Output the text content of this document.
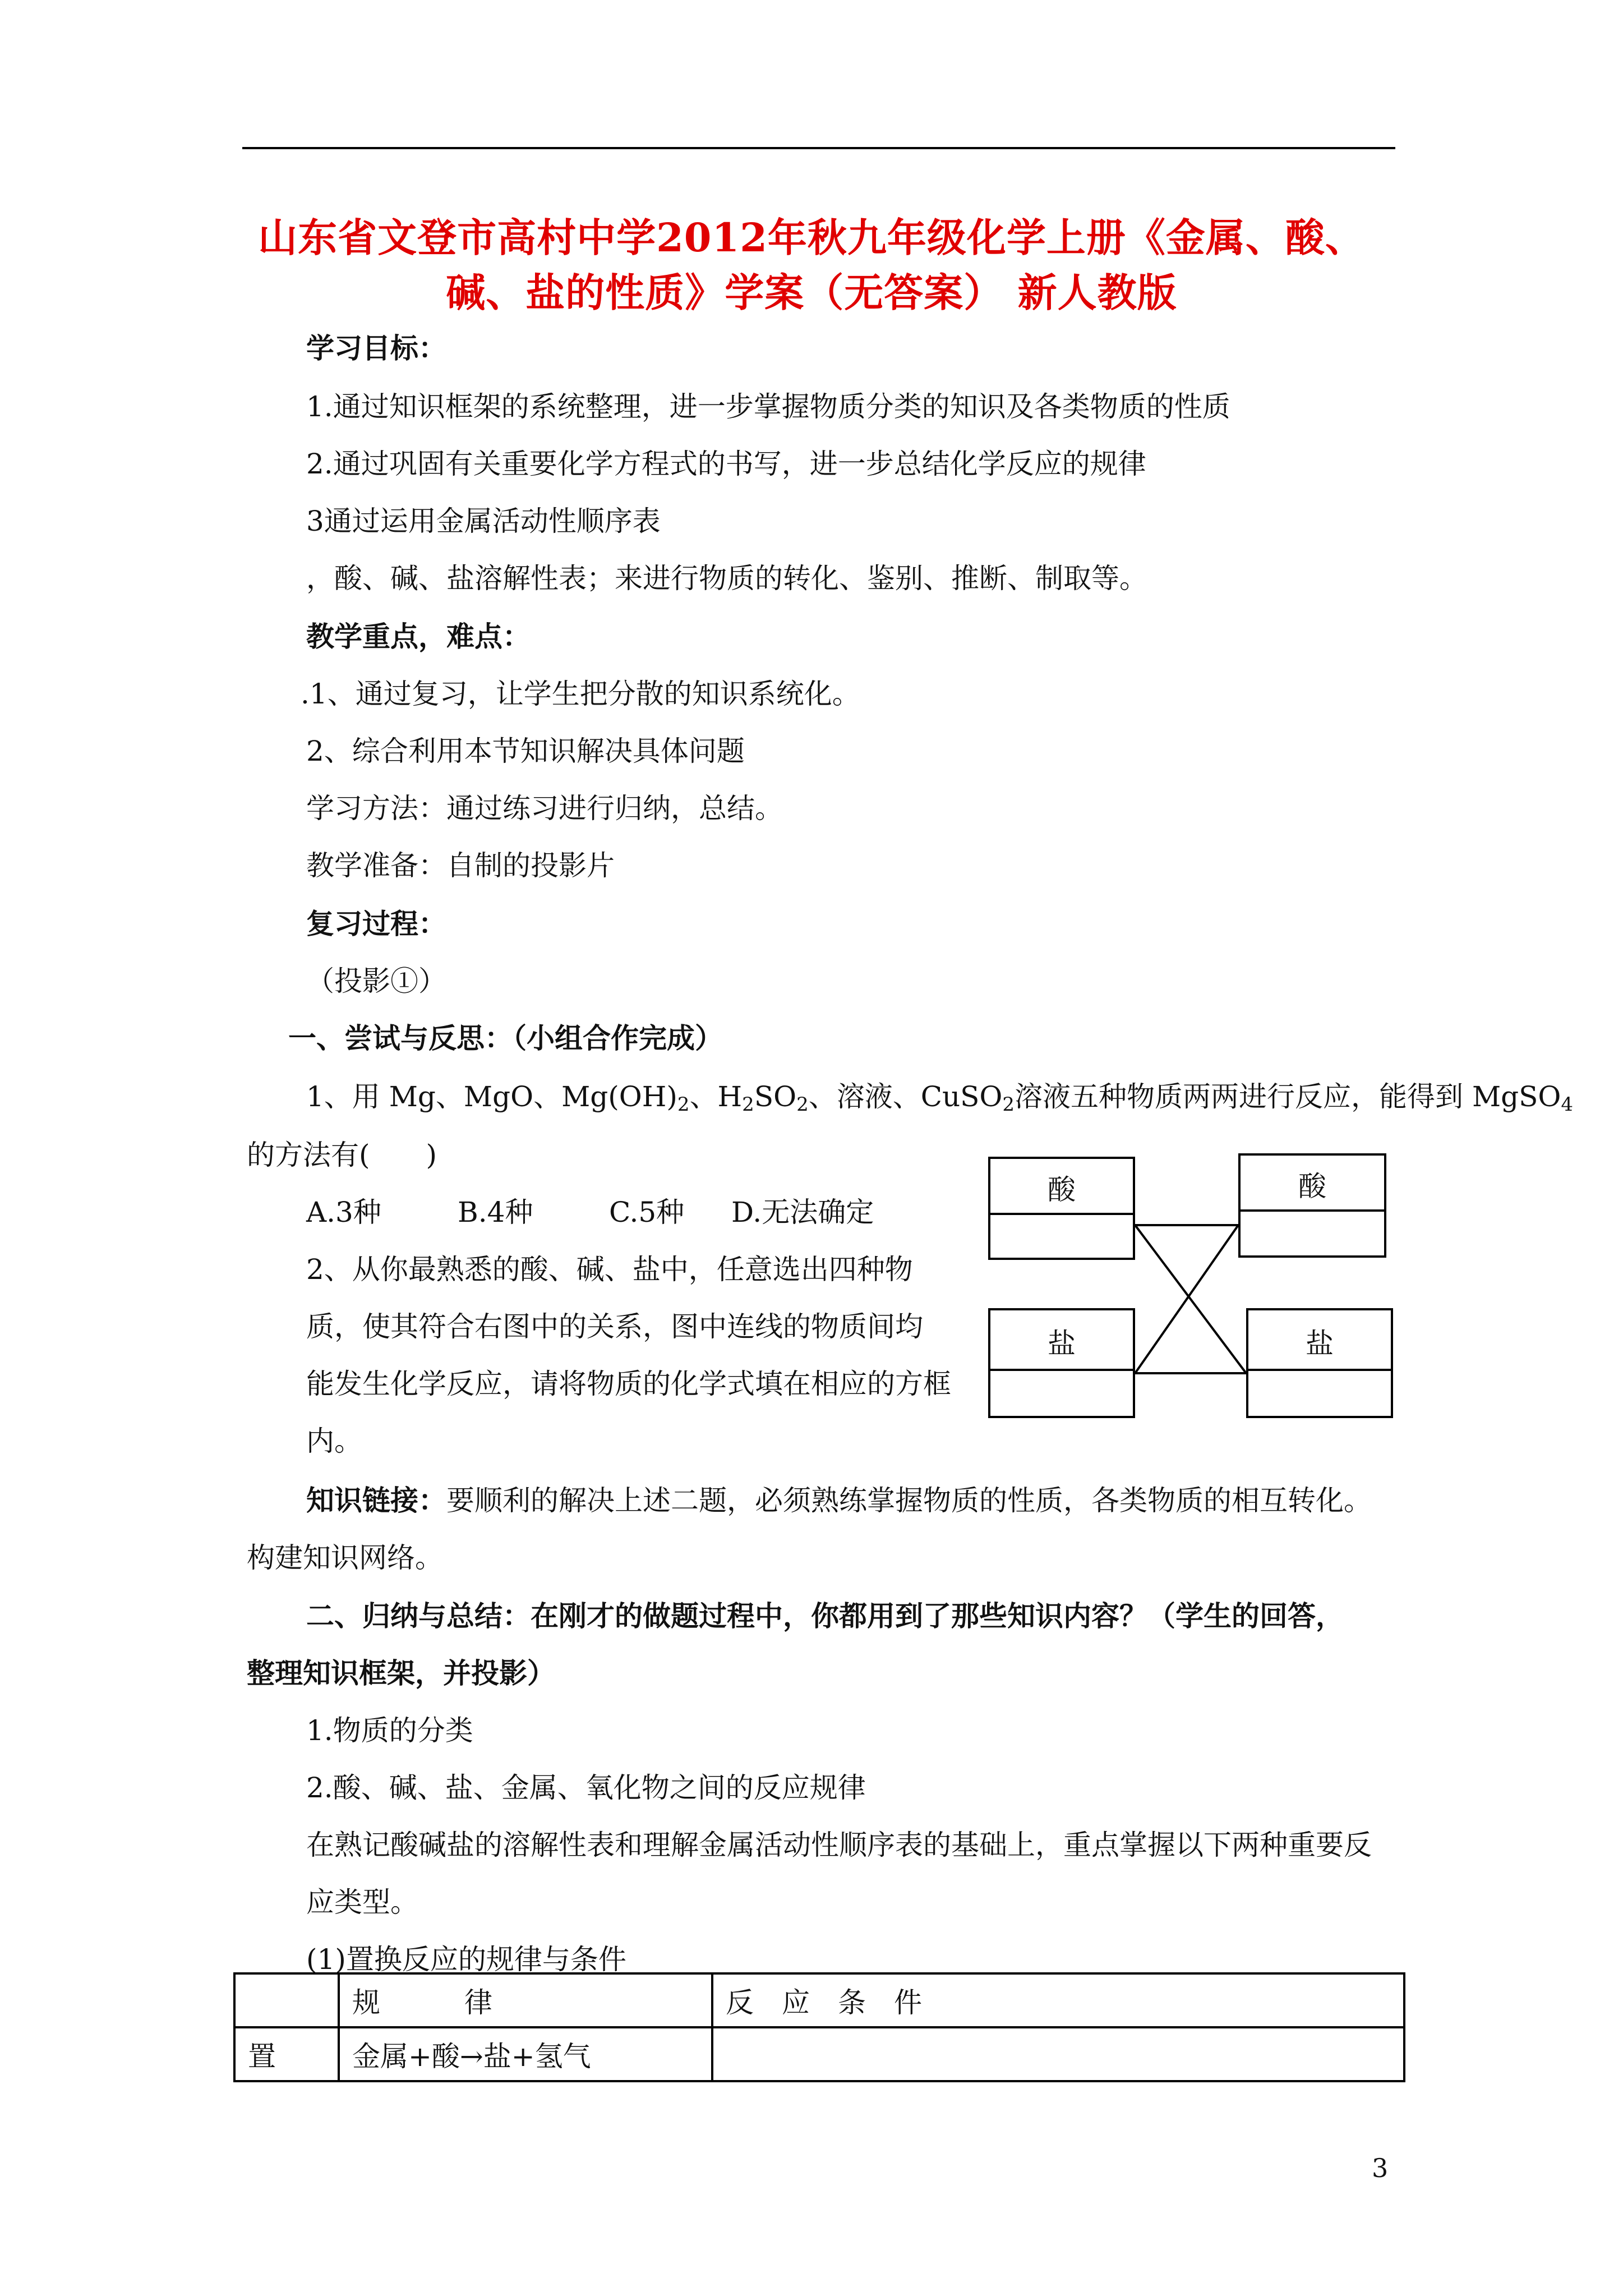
山东省文登市高村中学2012年秋九年级化学上册《金属、酸、
碱、盐的性质》学案（无答案） 新人教版
学习目标：
1.通过知识框架的系统整理，进一步掌握物质分类的知识及各类物质的性质
2.通过巩固有关重要化学方程式的书写，进一步总结化学反应的规律
3通过运用金属活动性顺序表
，酸、碱、盐溶解性表；来进行物质的转化、鉴别、推断、制取等。
教学重点，难点：
.1、通过复习，让学生把分散的知识系统化。
2、综合利用本节知识解决具体问题
学习方法：通过练习进行归纳，总结。
教学准备：自制的投影片
复习过程：
（投影①）
一、尝试与反思：（小组合作完成）
1、用 Mg、MgO、$Mg(OH)_2$、$H_2SO_2$、溶液、CuSO$_2$溶液五种物质两两进行反应，能得到 MgSO$_4$
的方法有(　　)
A.3种	B.4种	C.5种 D.无法确定
2、从你最熟悉的酸、碱、盐中，任意选出四种物
质，使其符合右图中的关系，图中连线的物质间均
能发生化学反应，请将物质的化学式填在相应的方框
内。
酸	酸
盐	盐
知识链接：要顺利的解决上述二题，必须熟练掌握物质的性质，各类物质的相互转化。
构建知识网络。
二、归纳与总结：在刚才的做题过程中，你都用到了那些知识内容？（学生的回答，
整理知识框架，并投影）
1.物质的分类
2.酸、碱、盐、金属、氧化物之间的反应规律
在熟记酸碱盐的溶解性表和理解金属活动性顺序表的基础上，重点掌握以下两种重要反
应类型。
(1)置换反应的规律与条件
	规　　　律	反　应　条　件
置	金属+酸→盐+氢气	
3
